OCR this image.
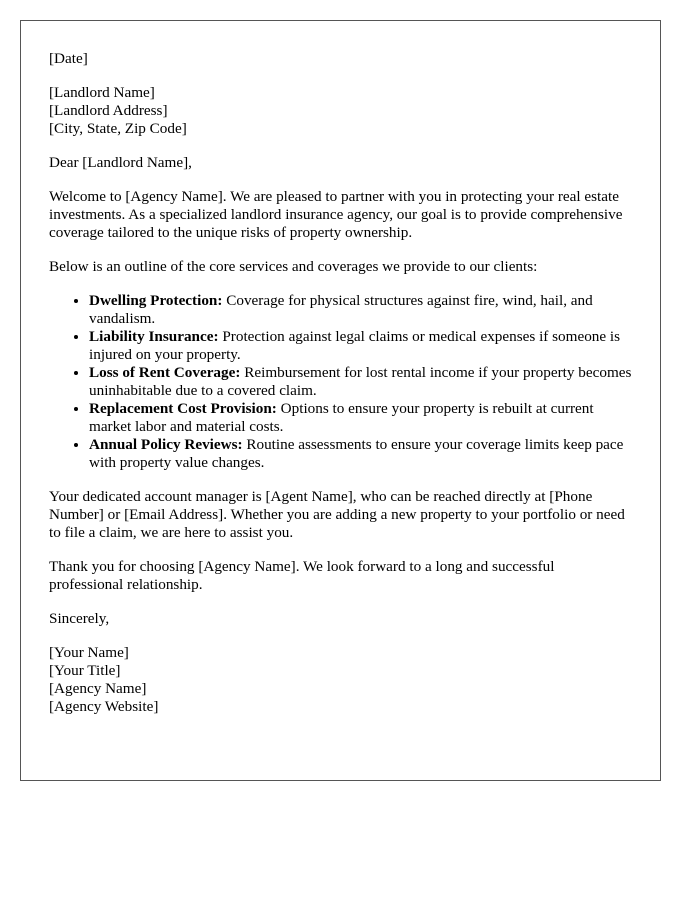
[Date]

[Landlord Name]
[Landlord Address]
[City, State, Zip Code]

Dear [Landlord Name],

Welcome to [Agency Name]. We are pleased to partner with you in protecting your real estate investments. As a specialized landlord insurance agency, our goal is to provide comprehensive coverage tailored to the unique risks of property ownership.

Below is an outline of the core services and coverages we provide to our clients:

• Dwelling Protection: Coverage for physical structures against fire, wind, hail, and vandalism.
• Liability Insurance: Protection against legal claims or medical expenses if someone is injured on your property.
• Loss of Rent Coverage: Reimbursement for lost rental income if your property becomes uninhabitable due to a covered claim.
• Replacement Cost Provision: Options to ensure your property is rebuilt at current market labor and material costs.
• Annual Policy Reviews: Routine assessments to ensure your coverage limits keep pace with property value changes.

Your dedicated account manager is [Agent Name], who can be reached directly at [Phone Number] or [Email Address]. Whether you are adding a new property to your portfolio or need to file a claim, we are here to assist you.

Thank you for choosing [Agency Name]. We look forward to a long and successful professional relationship.

Sincerely,

[Your Name]
[Your Title]
[Agency Name]
[Agency Website]
